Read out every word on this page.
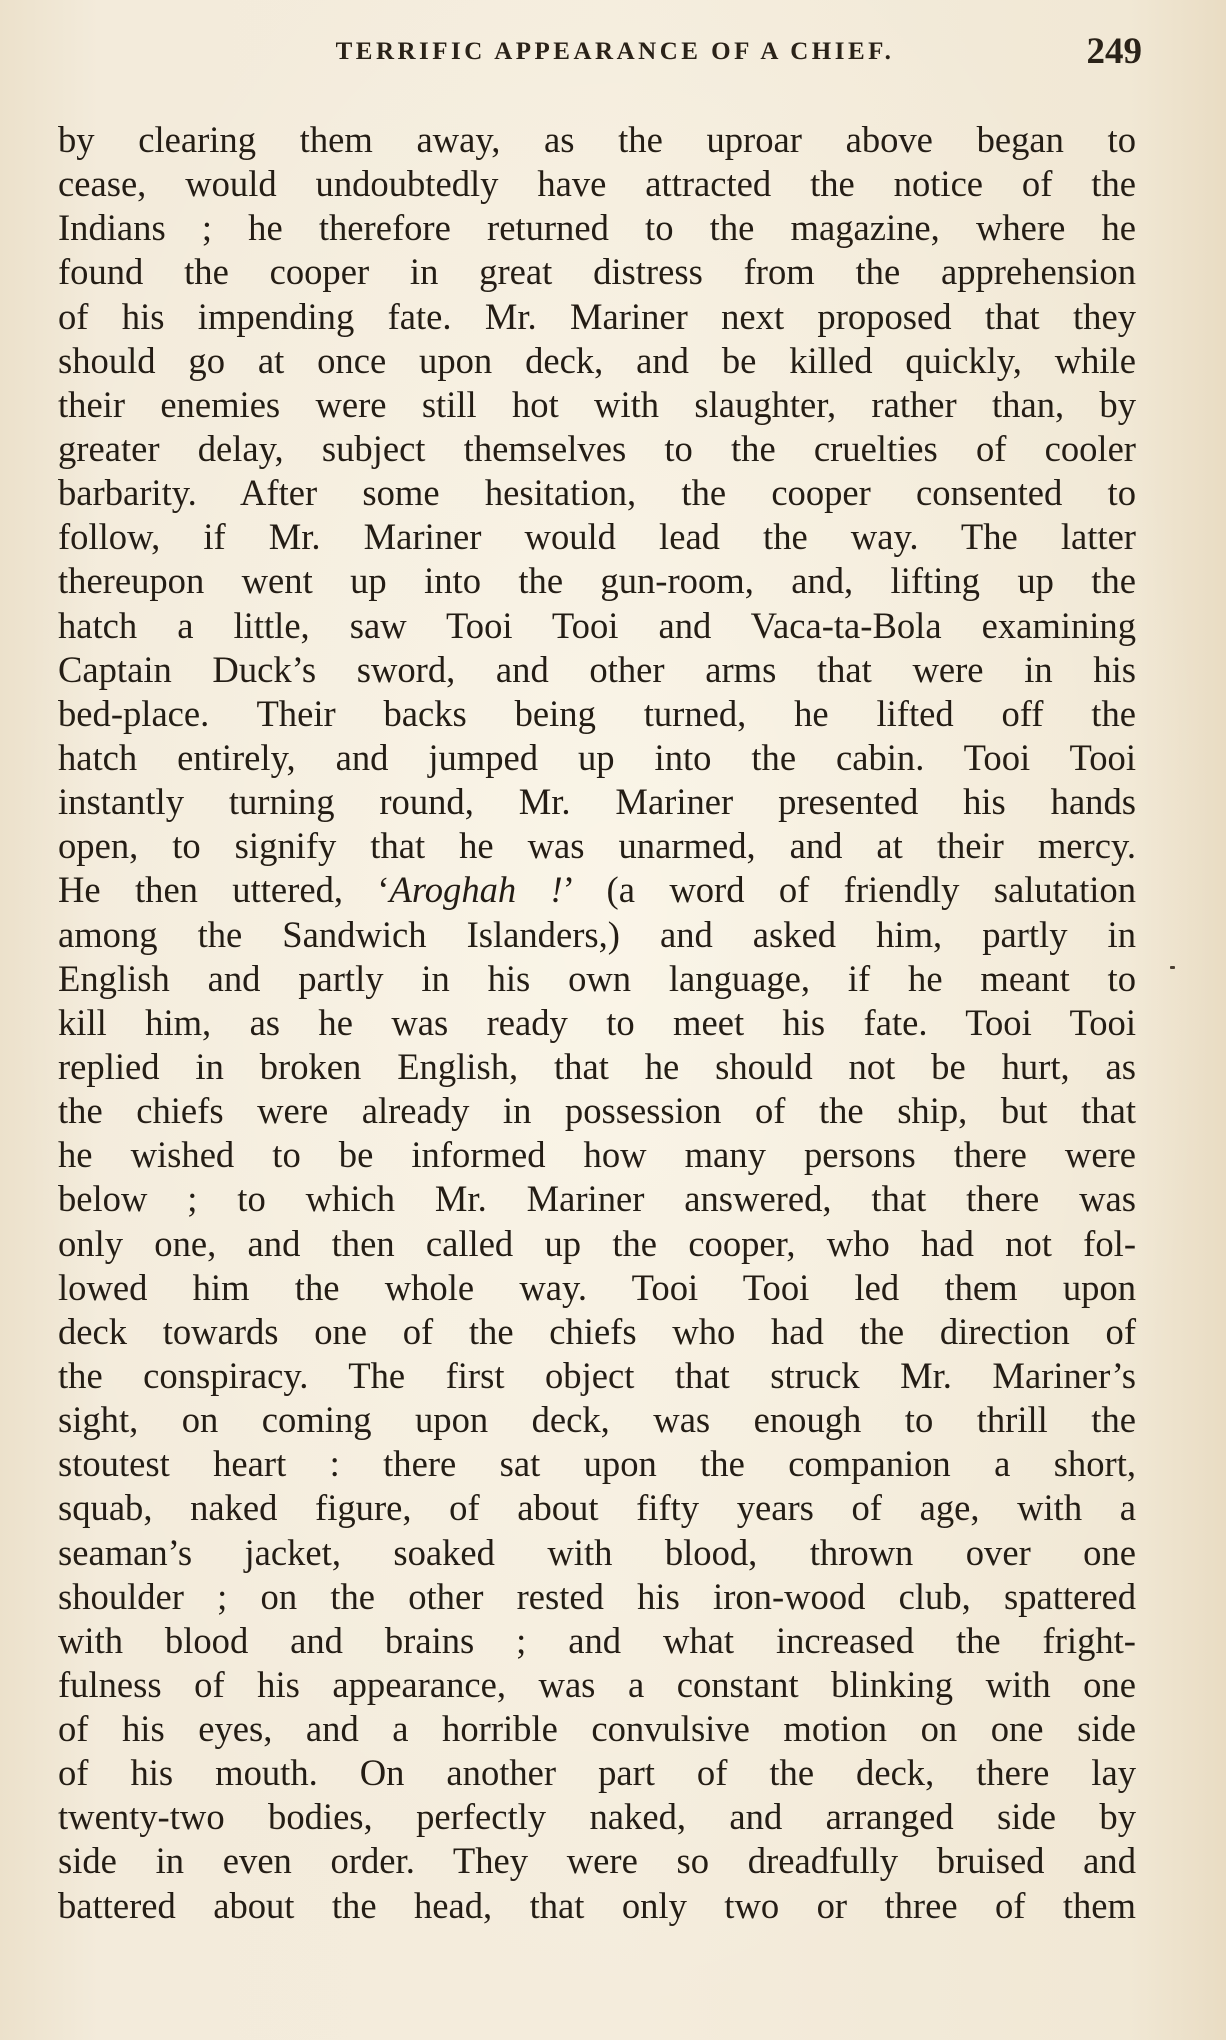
TERRIFIC APPEARANCE OF A CHIEF.	249
by clearing them away, as the uproar above began to
cease, would undoubtedly have attracted the notice of the
Indians ; he therefore returned to the magazine, where he
found the cooper in great distress from the apprehension
of his impending fate. Mr. Mariner next proposed that they
should go at once upon deck, and be killed quickly, while
their enemies were still hot with slaughter, rather than, by
greater delay, subject themselves to the cruelties of cooler
barbarity. After some hesitation, the cooper consented to
follow, if Mr. Mariner would lead the way. The latter
thereupon went up into the gun-room, and, lifting up the
hatch a little, saw Tooi Tooi and Vaca-ta-Bola examining
Captain Duck’s sword, and other arms that were in his
bed-place. Their backs being turned, he lifted off the
hatch entirely, and jumped up into the cabin. Tooi Tooi
instantly turning round, Mr. Mariner presented his hands
open, to signify that he was unarmed, and at their mercy.
He then uttered, ‘Aroghah !’ (a word of friendly salutation
among the Sandwich Islanders,) and asked him, partly in
English and partly in his own language, if he meant to
kill him, as he was ready to meet his fate. Tooi Tooi
replied in broken English, that he should not be hurt, as
the chiefs were already in possession of the ship, but that
he wished to be informed how many persons there were
below ; to which Mr. Mariner answered, that there was
only one, and then called up the cooper, who had not fol-
lowed him the whole way. Tooi Tooi led them upon
deck towards one of the chiefs who had the direction of
the conspiracy. The first object that struck Mr. Mariner’s
sight, on coming upon deck, was enough to thrill the
stoutest heart : there sat upon the companion a short,
squab, naked figure, of about fifty years of age, with a
seaman’s jacket, soaked with blood, thrown over one
shoulder ; on the other rested his iron-wood club, spattered
with blood and brains ; and what increased the fright-
fulness of his appearance, was a constant blinking with one
of his eyes, and a horrible convulsive motion on one side
of his mouth. On another part of the deck, there lay
twenty-two bodies, perfectly naked, and arranged side by
side in even order. They were so dreadfully bruised and
battered about the head, that only two or three of them
